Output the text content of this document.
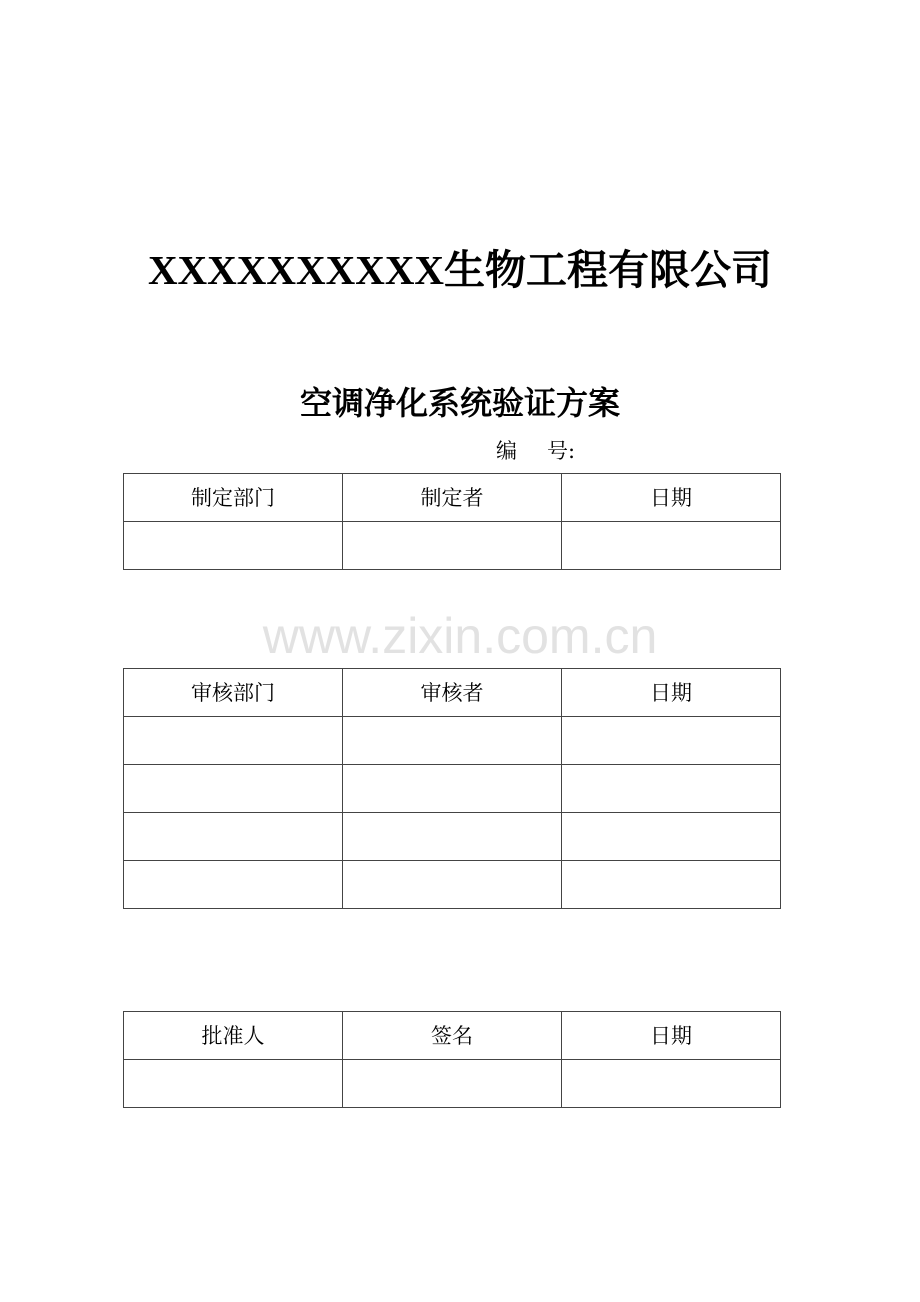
XXXXXXXXXX生物工程有限公司
空调净化系统验证方案
编 号:
www.zixin.com.cn
制定部门	制定者	日期

审核部门	审核者	日期

批准人	签名	日期
